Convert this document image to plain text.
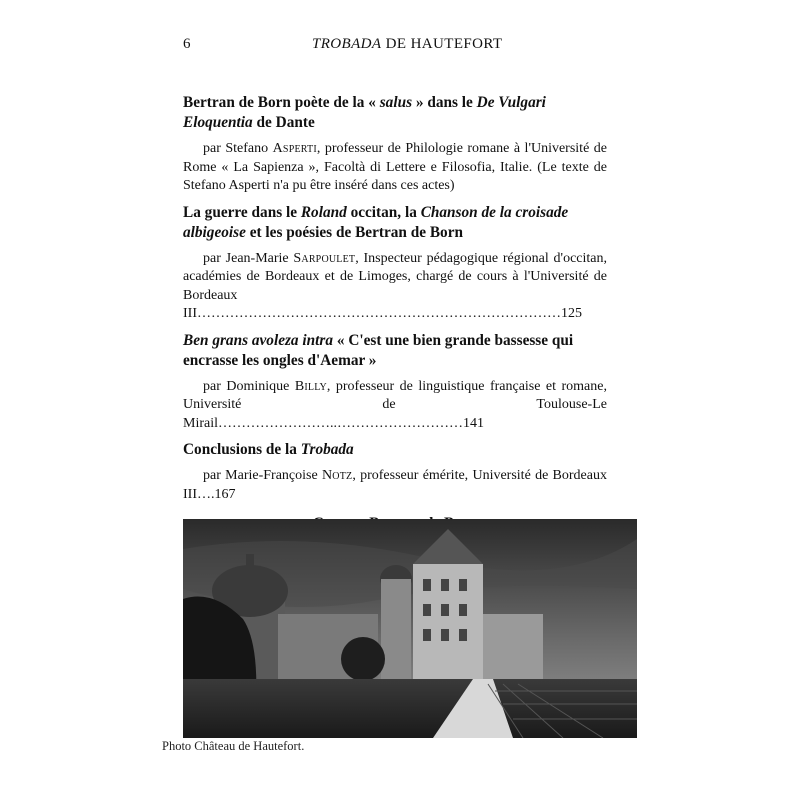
6	TROBADA DE HAUTEFORT
Bertran de Born poète de la « salus » dans le De Vulgari Eloquentia de Dante

par Stefano Asperti, professeur de Philologie romane à l'Université de Rome « La Sapienza », Facoltà di Lettere e Filosofia, Italie. (Le texte de Stefano Asperti n'a pu être inséré dans ces actes)

La guerre dans le Roland occitan, la Chanson de la croisade albigeoise et les poésies de Bertran de Born

par Jean-Marie Sarpoulet, Inspecteur pédagogique régional d'occitan, académies de Bordeaux et de Limoges, chargé de cours à l'Université de Bordeaux III……………………………………………………………………125

Ben grans avoleza intra « C'est une bien grande bassesse qui encrasse les ongles d'Aemar »

par Dominique Billy, professeur de linguistique française et romane, Université de Toulouse-Le Mirail……………………..………………………141

Conclusions de la Trobada

par Marie-Françoise Notz, professeur émérite, Université de Bordeaux III….167

Photo Château de Hautefort.
